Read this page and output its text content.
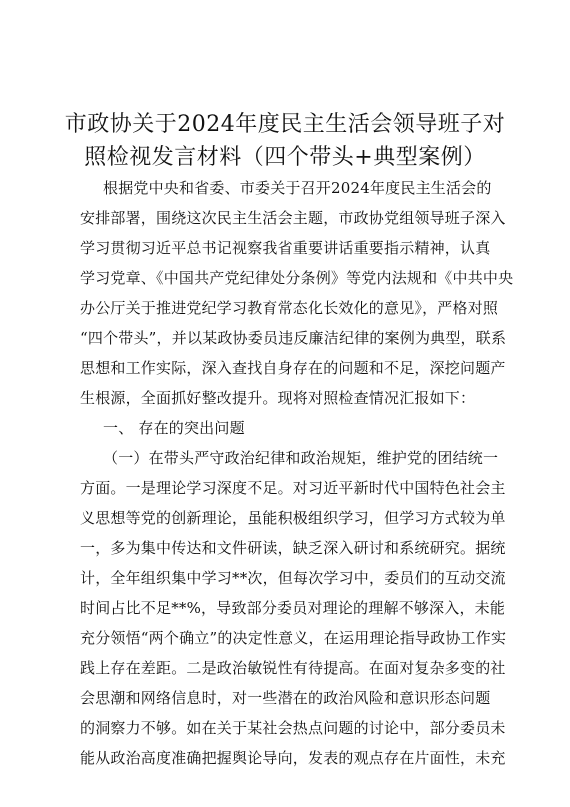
市政协关于2024年度民主生活会领导班子对
照检视发言材料（四个带头+典型案例）
根据党中央和省委、市委关于召开2024年度民主生活会的
安排部署，围绕这次民主生活会主题，市政协党组领导班子深入
学习贯彻习近平总书记视察我省重要讲话重要指示精神，认真
学习党章、《中国共产党纪律处分条例》等党内法规和《中共中央
办公厅关于推进党纪学习教育常态化长效化的意见》，严格对照
“四个带头”，并以某政协委员违反廉洁纪律的案例为典型，联系
思想和工作实际，深入查找自身存在的问题和不足，深挖问题产
生根源，全面抓好整改提升。现将对照检查情况汇报如下：
一、 存在的突出问题
（一）在带头严守政治纪律和政治规矩，维护党的团结统一
方面。一是理论学习深度不足。对习近平新时代中国特色社会主
义思想等党的创新理论，虽能积极组织学习，但学习方式较为单
一，多为集中传达和文件研读，缺乏深入研讨和系统研究。据统
计，全年组织集中学习**次，但每次学习中，委员们的互动交流
时间占比不足**%，导致部分委员对理论的理解不够深入，未能
充分领悟“两个确立”的决定性意义，在运用理论指导政协工作实
践上存在差距。二是政治敏锐性有待提高。在面对复杂多变的社
会思潮和网络信息时，对一些潜在的政治风险和意识形态问题
的洞察力不够。如在关于某社会热点问题的讨论中，部分委员未
能从政治高度准确把握舆论导向，发表的观点存在片面性，未充
